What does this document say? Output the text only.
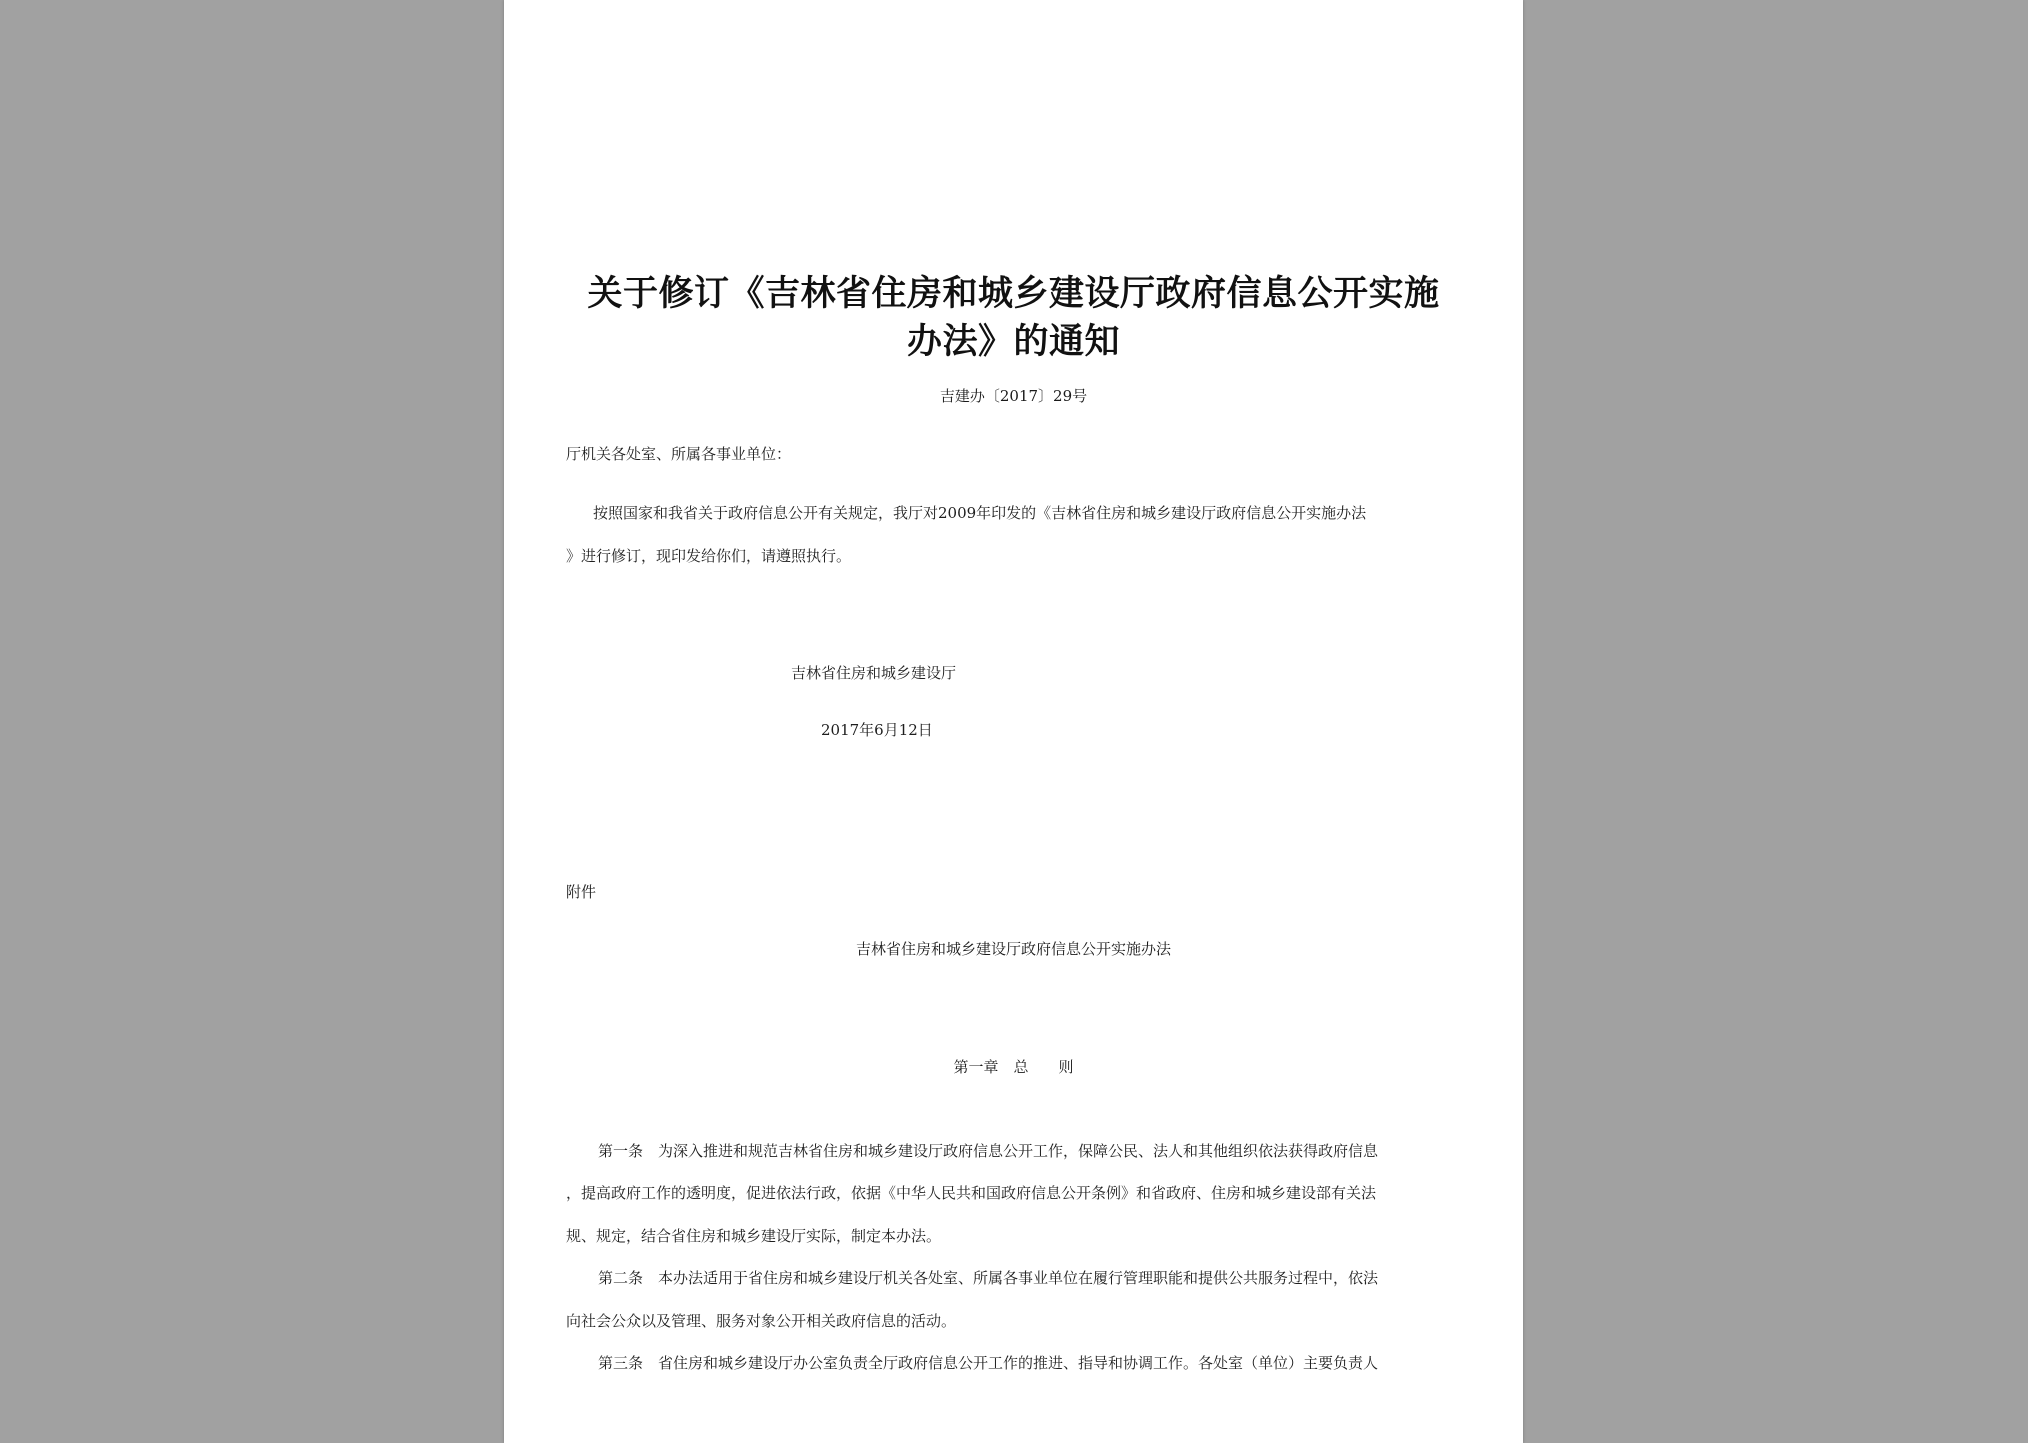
关于修订《吉林省住房和城乡建设厅政府信息公开实施
办法》的通知

吉建办〔2017〕29号

厅机关各处室、所属各事业单位：

按照国家和我省关于政府信息公开有关规定，我厅对2009年印发的《吉林省住房和城乡建设厅政府信息公开实施办法

》进行修订，现印发给你们，请遵照执行。

吉林省住房和城乡建设厅

2017年6月12日

附件

吉林省住房和城乡建设厅政府信息公开实施办法

第一章　总　　则

第一条　为深入推进和规范吉林省住房和城乡建设厅政府信息公开工作，保障公民、法人和其他组织依法获得政府信息

，提高政府工作的透明度，促进依法行政，依据《中华人民共和国政府信息公开条例》和省政府、住房和城乡建设部有关法

规、规定，结合省住房和城乡建设厅实际，制定本办法。

第二条　本办法适用于省住房和城乡建设厅机关各处室、所属各事业单位在履行管理职能和提供公共服务过程中，依法

向社会公众以及管理、服务对象公开相关政府信息的活动。

第三条　省住房和城乡建设厅办公室负责全厅政府信息公开工作的推进、指导和协调工作。各处室（单位）主要负责人
